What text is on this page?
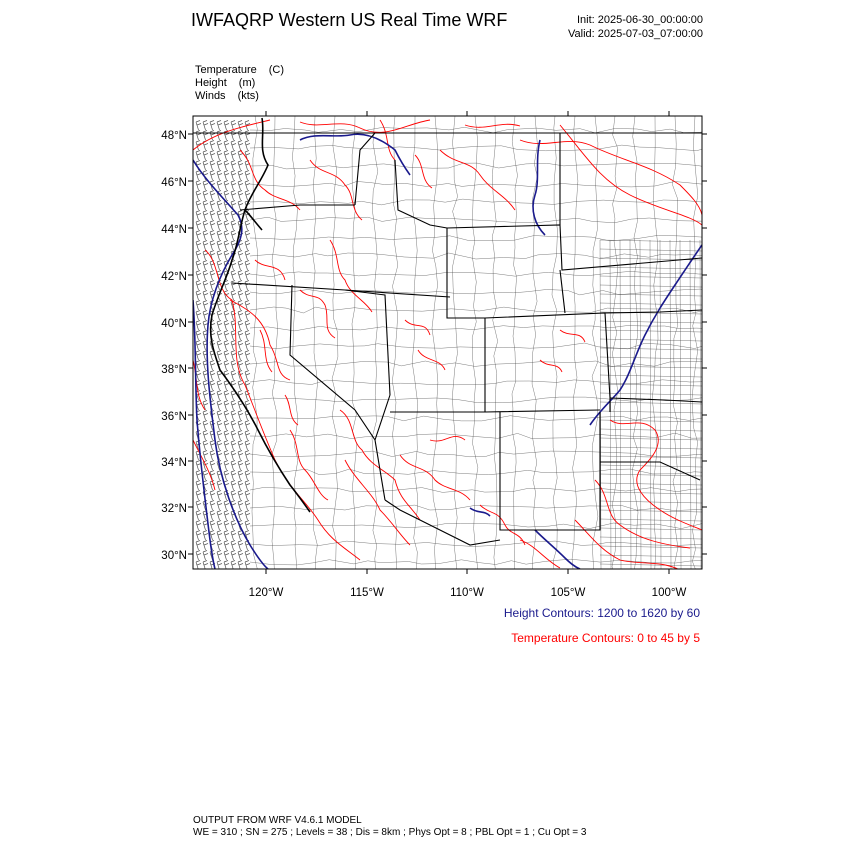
IWFAQRP Western US Real Time WRF	Init: 2025-06-30_00:00:00
Valid: 2025-07-03_07:00:00
Temperature (C)
Height (m)
Winds (kts)
48°N
46°N
44°N
42°N
40°N
38°N
36°N
34°N
32°N
30°N
120°W	115°W	110°W	105°W	100°W
Height Contours: 1200 to 1620 by 60
Temperature Contours: 0 to 45 by 5
OUTPUT FROM WRF V4.6.1 MODEL
WE = 310 ; SN = 275 ; Levels = 38 ; Dis = 8km ; Phys Opt = 8 ; PBL Opt = 1 ; Cu Opt = 3
